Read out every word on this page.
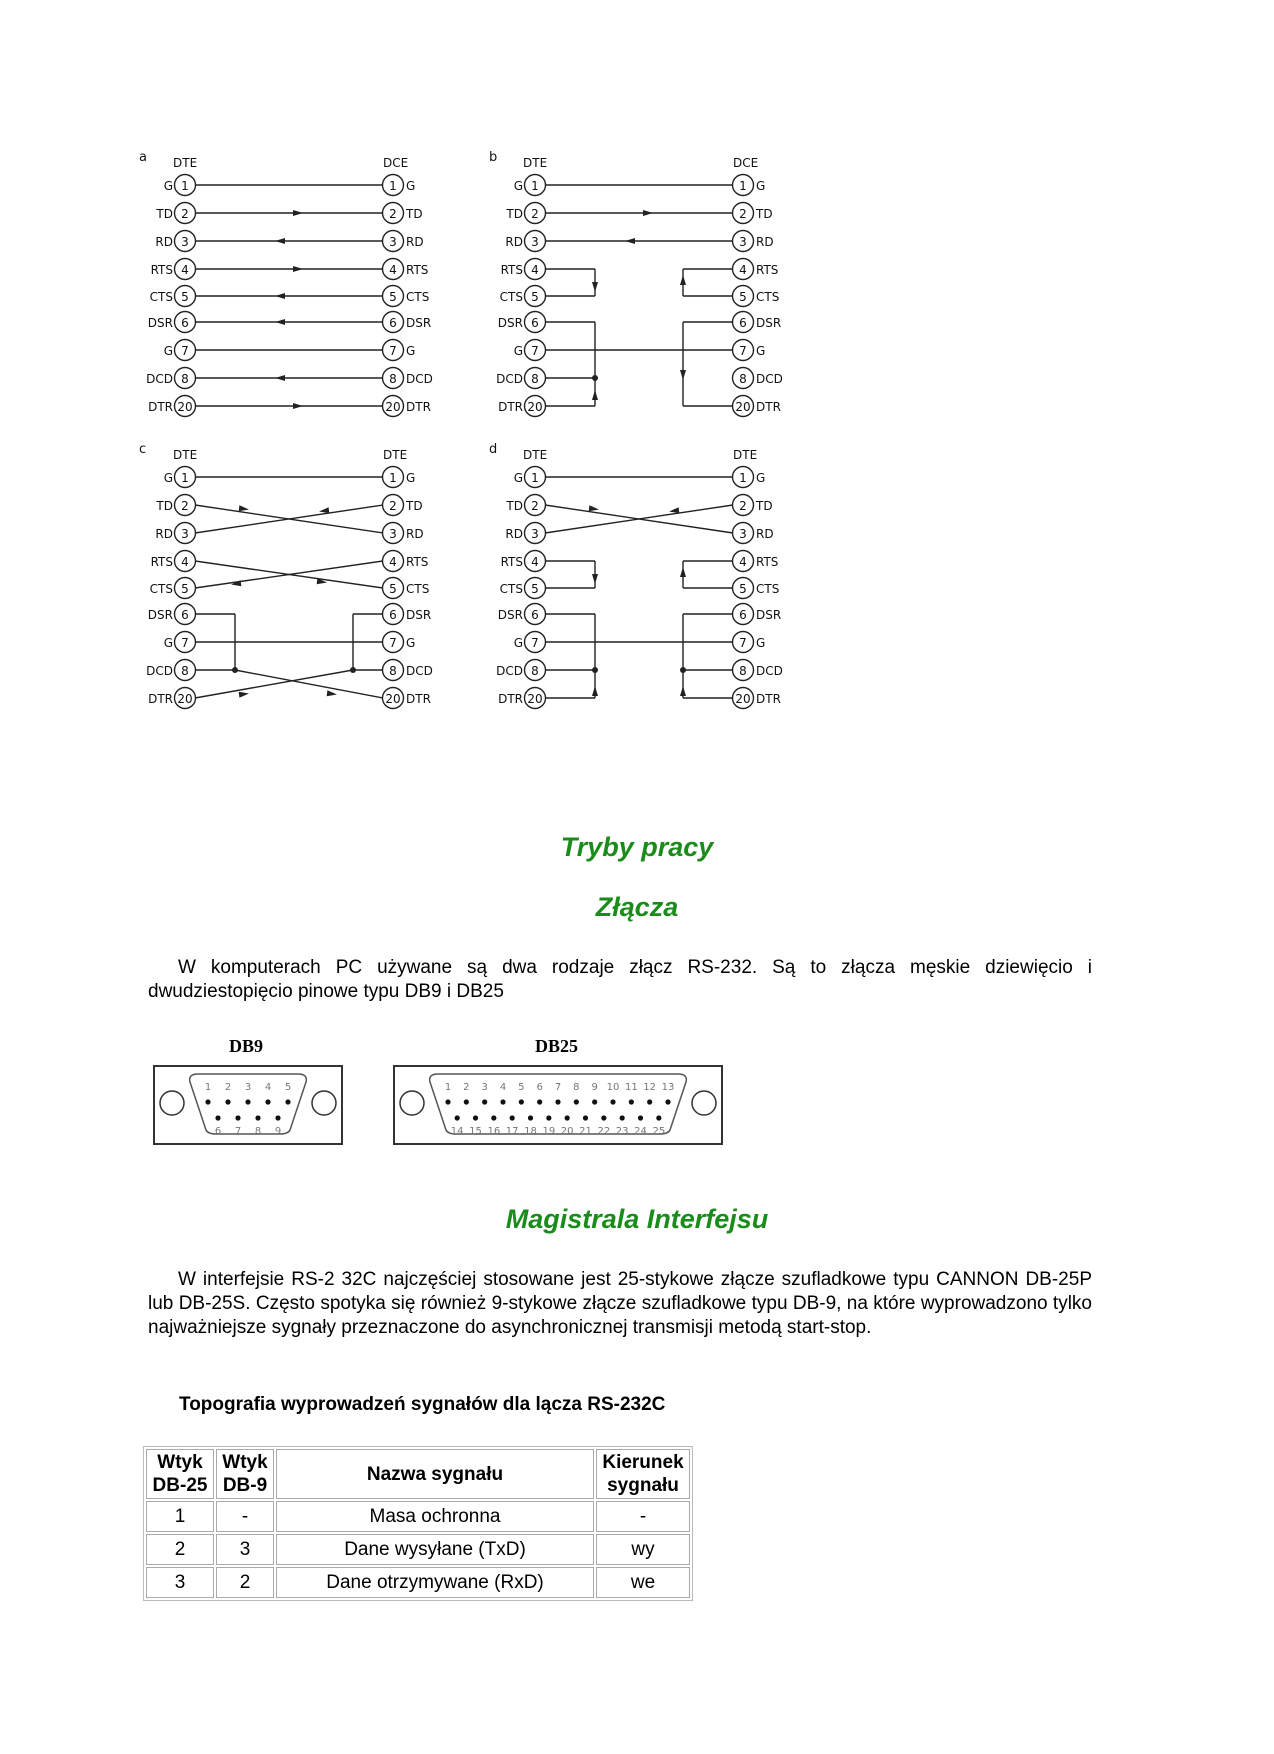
a DTE	DCE
G 1
TD 2
RD 3
RTS 4
CTS 5
DSR 6
G 7
DCD 8
DTR 20
1 G
2 TD
3 RD
4 RTS
5 CTS
6 DSR
7 G
8 DCD
20 DTR
b DTE	DCE
G 1
TD 2
RD 3
RTS 4
CTS 5
DSR 6
G 7
DCD 8
DTR 20
1 G
2 TD
3 RD
4 RTS
5 CTS
6 DSR
7 G
8 DCD
20 DTR
c DTE	DTE
G 1
TD 2
RD 3
RTS 4
CTS 5
DSR 6
G 7
DCD 8
DTR 20
1 G
2 TD
3 RD
4 RTS
5 CTS
6 DSR
7 G
8 DCD
20 DTR
d DTE	DTE
G 1
TD 2
RD 3
RTS 4
CTS 5
DSR 6
G 7
DCD 8
DTR 20
1 G
2 TD
3 RD
4 RTS
5 CTS
6 DSR
7 G
8 DCD
20 DTR
Tryby pracy
Złącza

W komputerach PC używane są dwa rodzaje złącz RS-232. Są to złącza męskie dziewięcio i dwudziestopięcio pinowe typu DB9 i DB25

DB9	DB25
1 2 3 4 5
6 7 8 9
1 2 3 4 5 6 7 8 9 10 11 12 13
14 15 16 17 18 19 20 21 22 23 24 25
Magistrala Interfejsu

W interfejsie RS-2 32C najczęściej stosowane jest 25-stykowe złącze szufladkowe typu CANNON DB-25P lub DB-25S. Często spotyka się również 9-stykowe złącze szufladkowe typu DB-9, na które wyprowadzono tylko najważniejsze sygnały przeznaczone do asynchronicznej transmisji metodą start-stop.

Topografia wyprowadzeń sygnałów dla lącza RS-232C

Wtyk
DB-25	Wtyk
DB-9	Nazwa sygnału	Kierunek
sygnału
1	-	Masa ochronna	-
2	3	Dane wysyłane (TxD)	wy
3	2	Dane otrzymywane (RxD)	we
